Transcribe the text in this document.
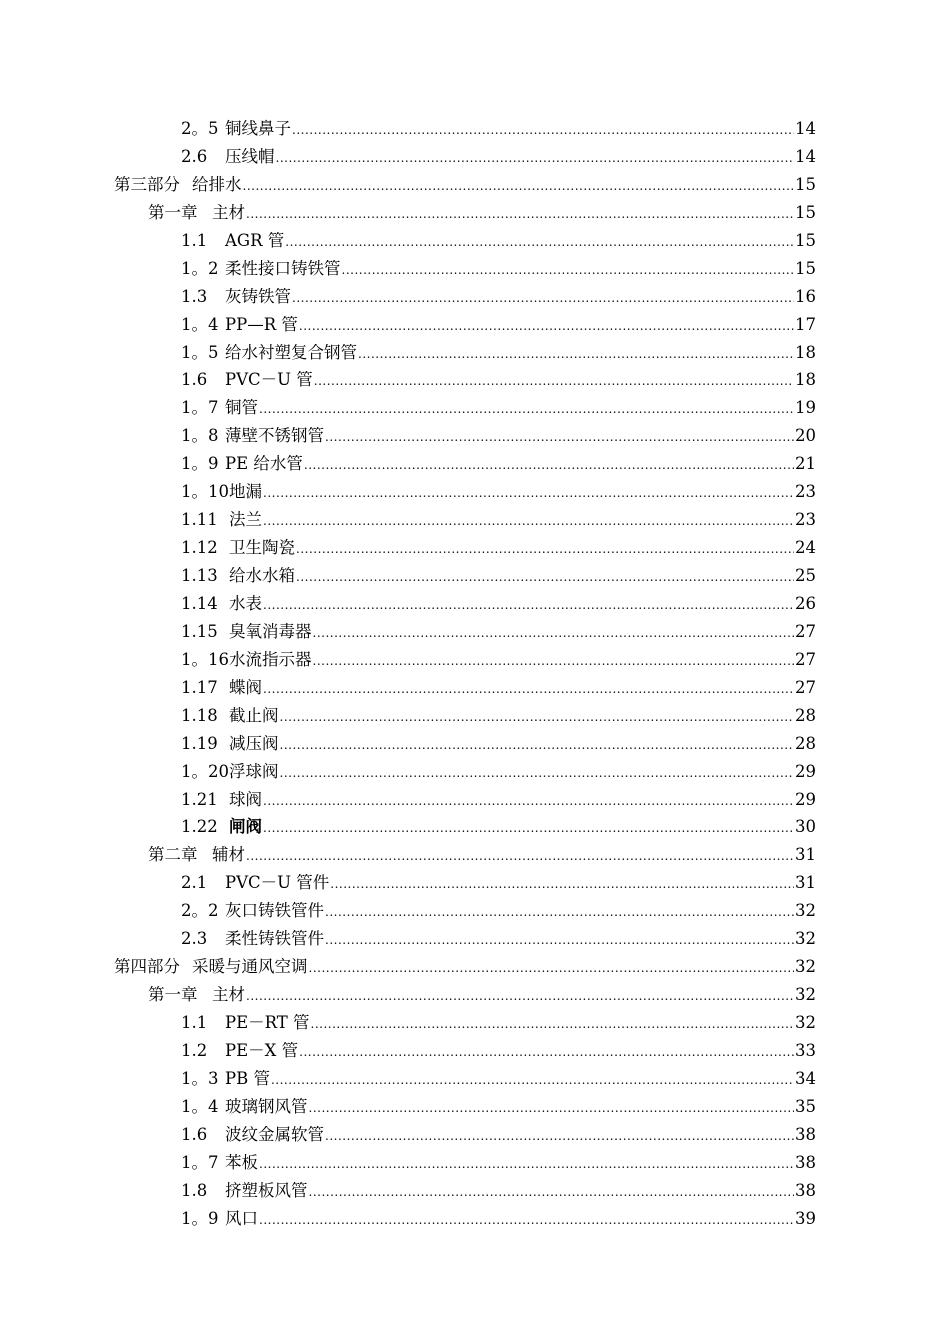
2。5 铜线鼻子 .....	14
2.6	压线帽 .....	14
第三部分 给排水 .....	15
第一章 主材 .....	15
1.1	AGR 管 .....	15
1。2 柔性接口铸铁管 .....	15
1.3	灰铸铁管 .....	16
1。4 PP—R 管 .....	17
1。5 给水衬塑复合钢管 .....	18
1.6	PVC－U 管 .....	18
1。7 铜管 .....	19
1。8 薄壁不锈钢管 .....	20
1。9 PE 给水管 .....	21
1。10 地漏 .....	23
1.11 法兰 .....	23
1.12 卫生陶瓷 .....	24
1.13 给水水箱 .....	25
1.14 水表 .....	26
1.15 臭氧消毒器 .....	27
1。16 水流指示器 .....	27
1.17 蝶阀 .....	27
1.18 截止阀 .....	28
1.19 减压阀 .....	28
1。20 浮球阀 .....	29
1.21 球阀 .....	29
1.22 闸阀 .....	30
第二章 辅材 .....	31
2.1	PVC－U 管件 .....	31
2。2 灰口铸铁管件 .....	32
2.3	柔性铸铁管件 .....	32
第四部分 采暖与通风空调 .....	32
第一章 主材 .....	32
1.1	PE－RT 管 .....	32
1.2	PE－X 管 .....	33
1。3 PB 管 .....	34
1。4 玻璃钢风管 .....	35
1.6	波纹金属软管 .....	38
1。7 苯板 .....	38
1.8	挤塑板风管 .....	38
1。9 风口 .....	39
